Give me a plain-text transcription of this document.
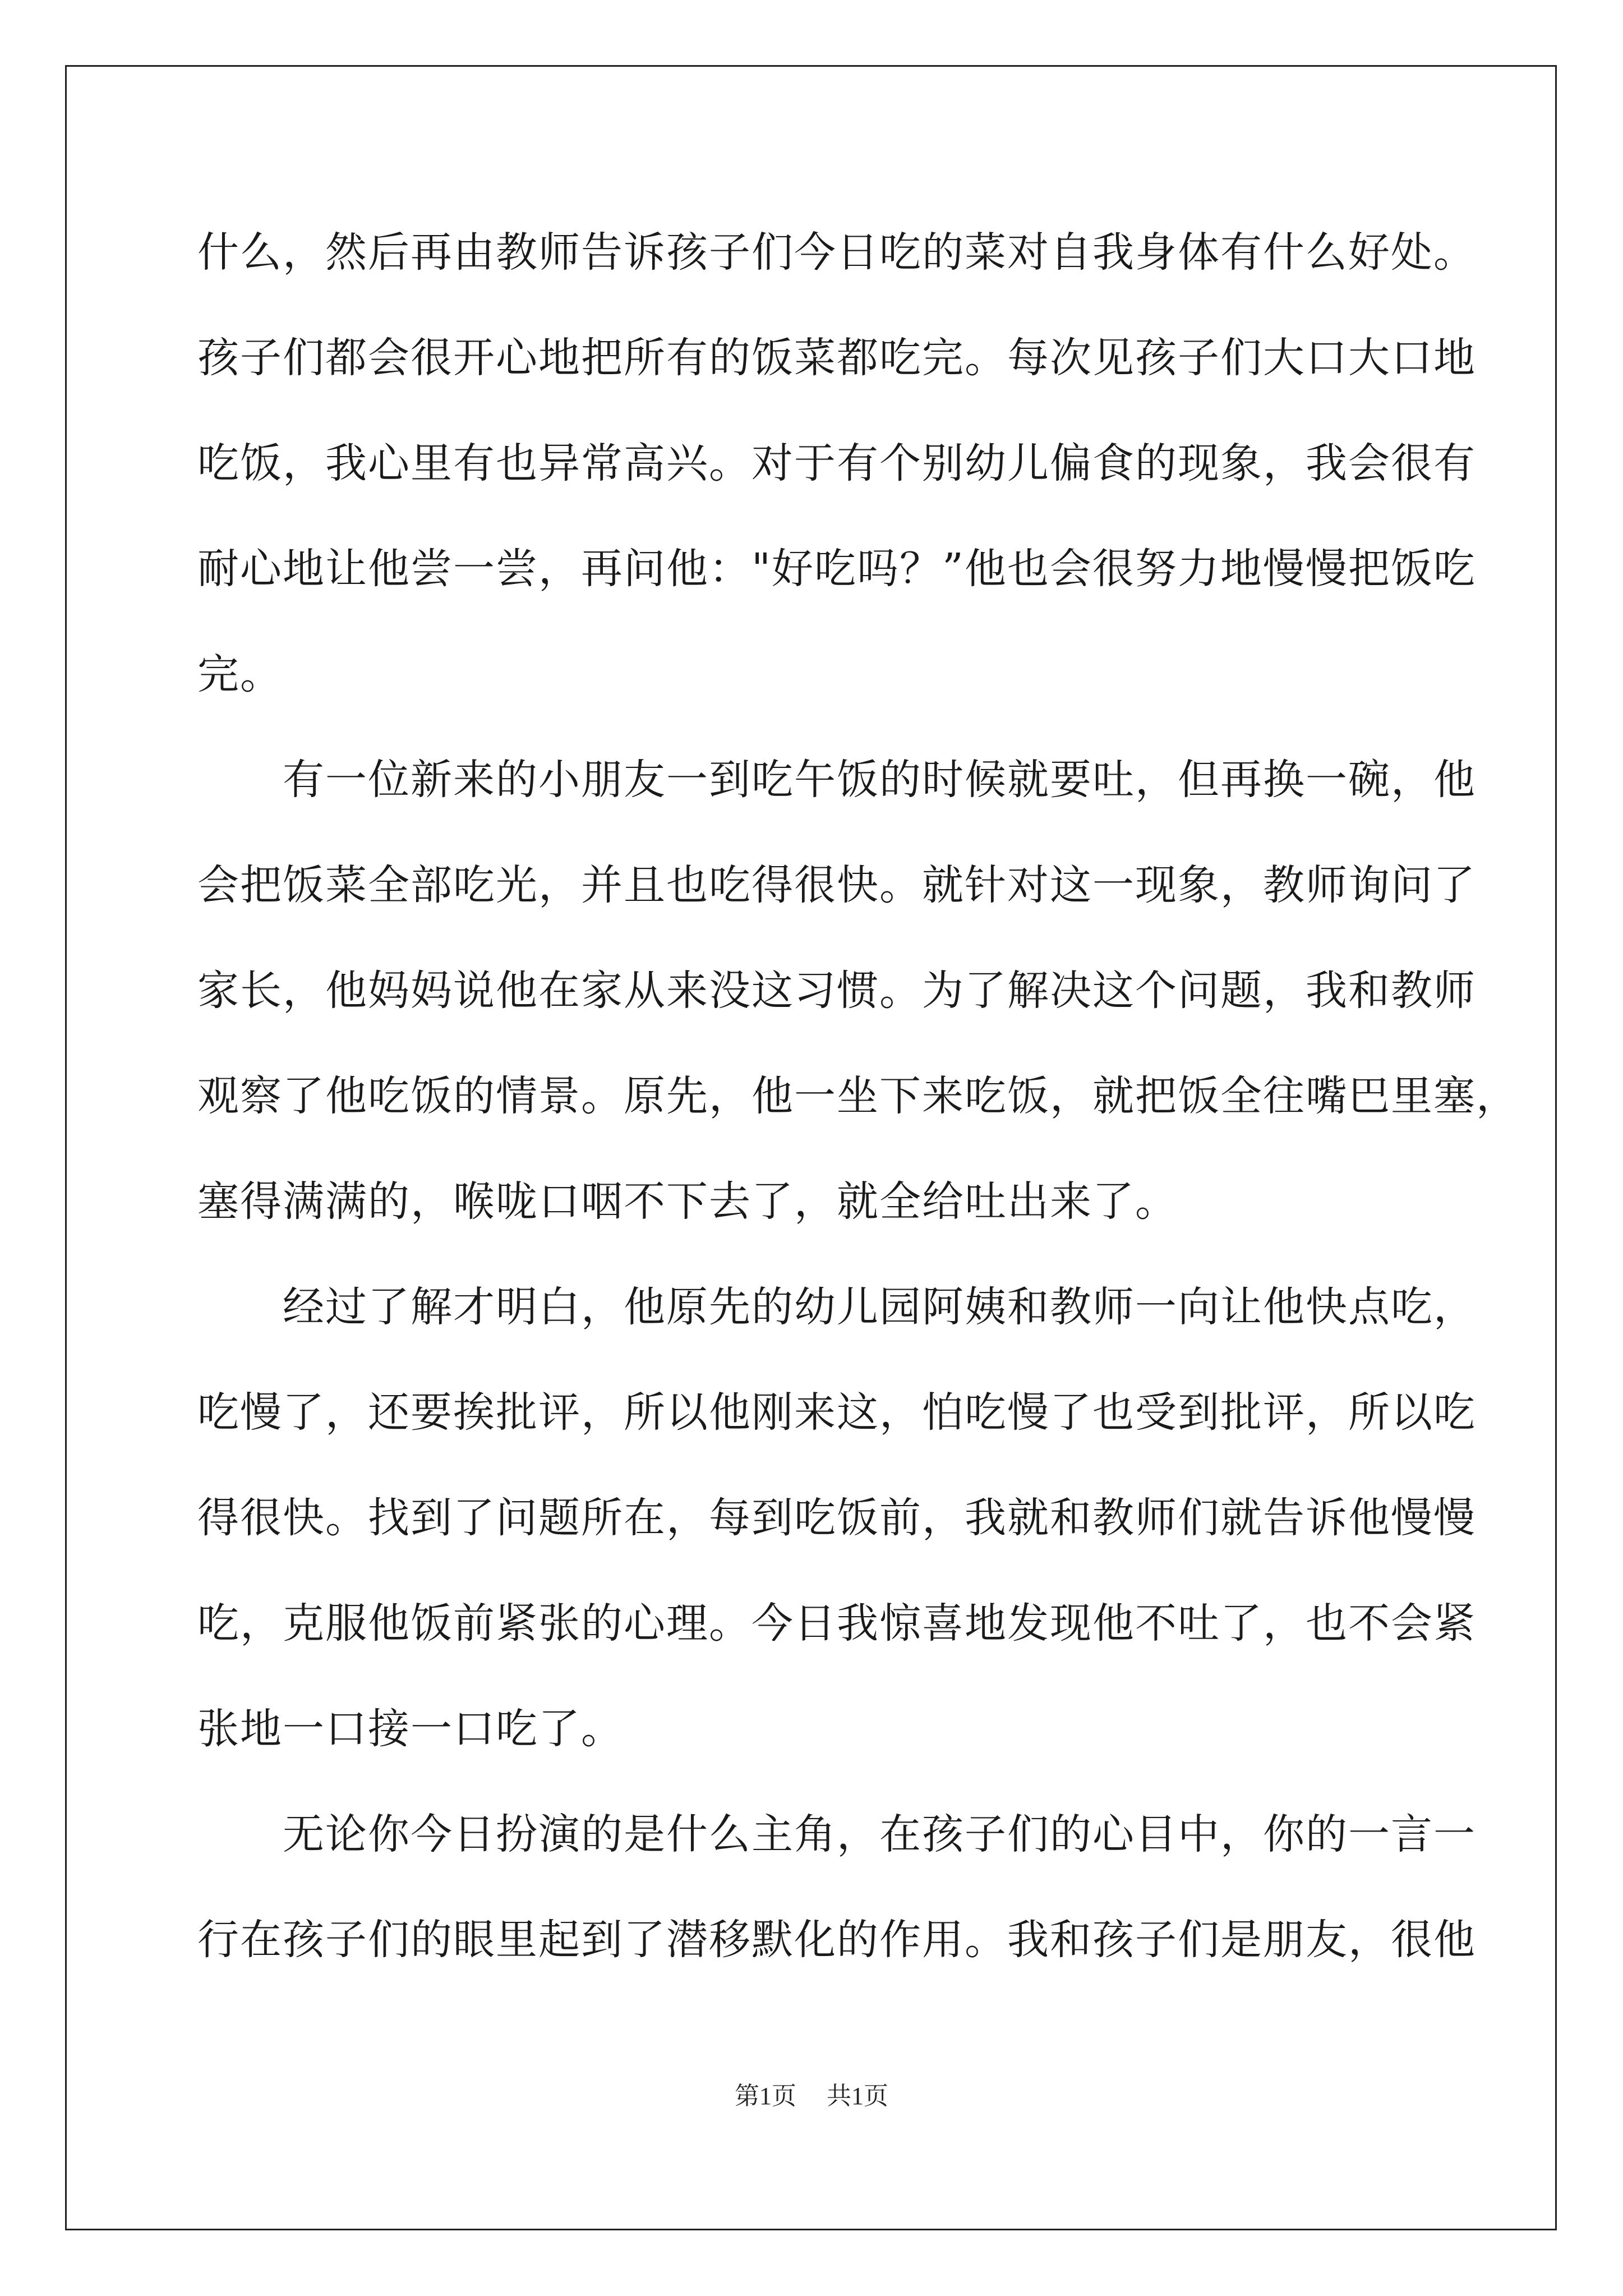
什么，然后再由教师告诉孩子们今日吃的菜对自我身体有什么好处。
孩子们都会很开心地把所有的饭菜都吃完。每次见孩子们大口大口地
吃饭，我心里有也异常高兴。对于有个别幼儿偏食的现象，我会很有
耐心地让他尝一尝，再问他："好吃吗？”他也会很努力地慢慢把饭吃
完。
有一位新来的小朋友一到吃午饭的时候就要吐，但再换一碗，他
会把饭菜全部吃光，并且也吃得很快。就针对这一现象，教师询问了
家长，他妈妈说他在家从来没这习惯。为了解决这个问题，我和教师
观察了他吃饭的情景。原先，他一坐下来吃饭，就把饭全往嘴巴里塞，
塞得满满的，喉咙口咽不下去了，就全给吐出来了。
经过了解才明白，他原先的幼儿园阿姨和教师一向让他快点吃，
吃慢了，还要挨批评，所以他刚来这，怕吃慢了也受到批评，所以吃
得很快。找到了问题所在，每到吃饭前，我就和教师们就告诉他慢慢
吃，克服他饭前紧张的心理。今日我惊喜地发现他不吐了，也不会紧
张地一口接一口吃了。
无论你今日扮演的是什么主角，在孩子们的心目中，你的一言一
行在孩子们的眼里起到了潜移默化的作用。我和孩子们是朋友，很他
第1页 共1页
